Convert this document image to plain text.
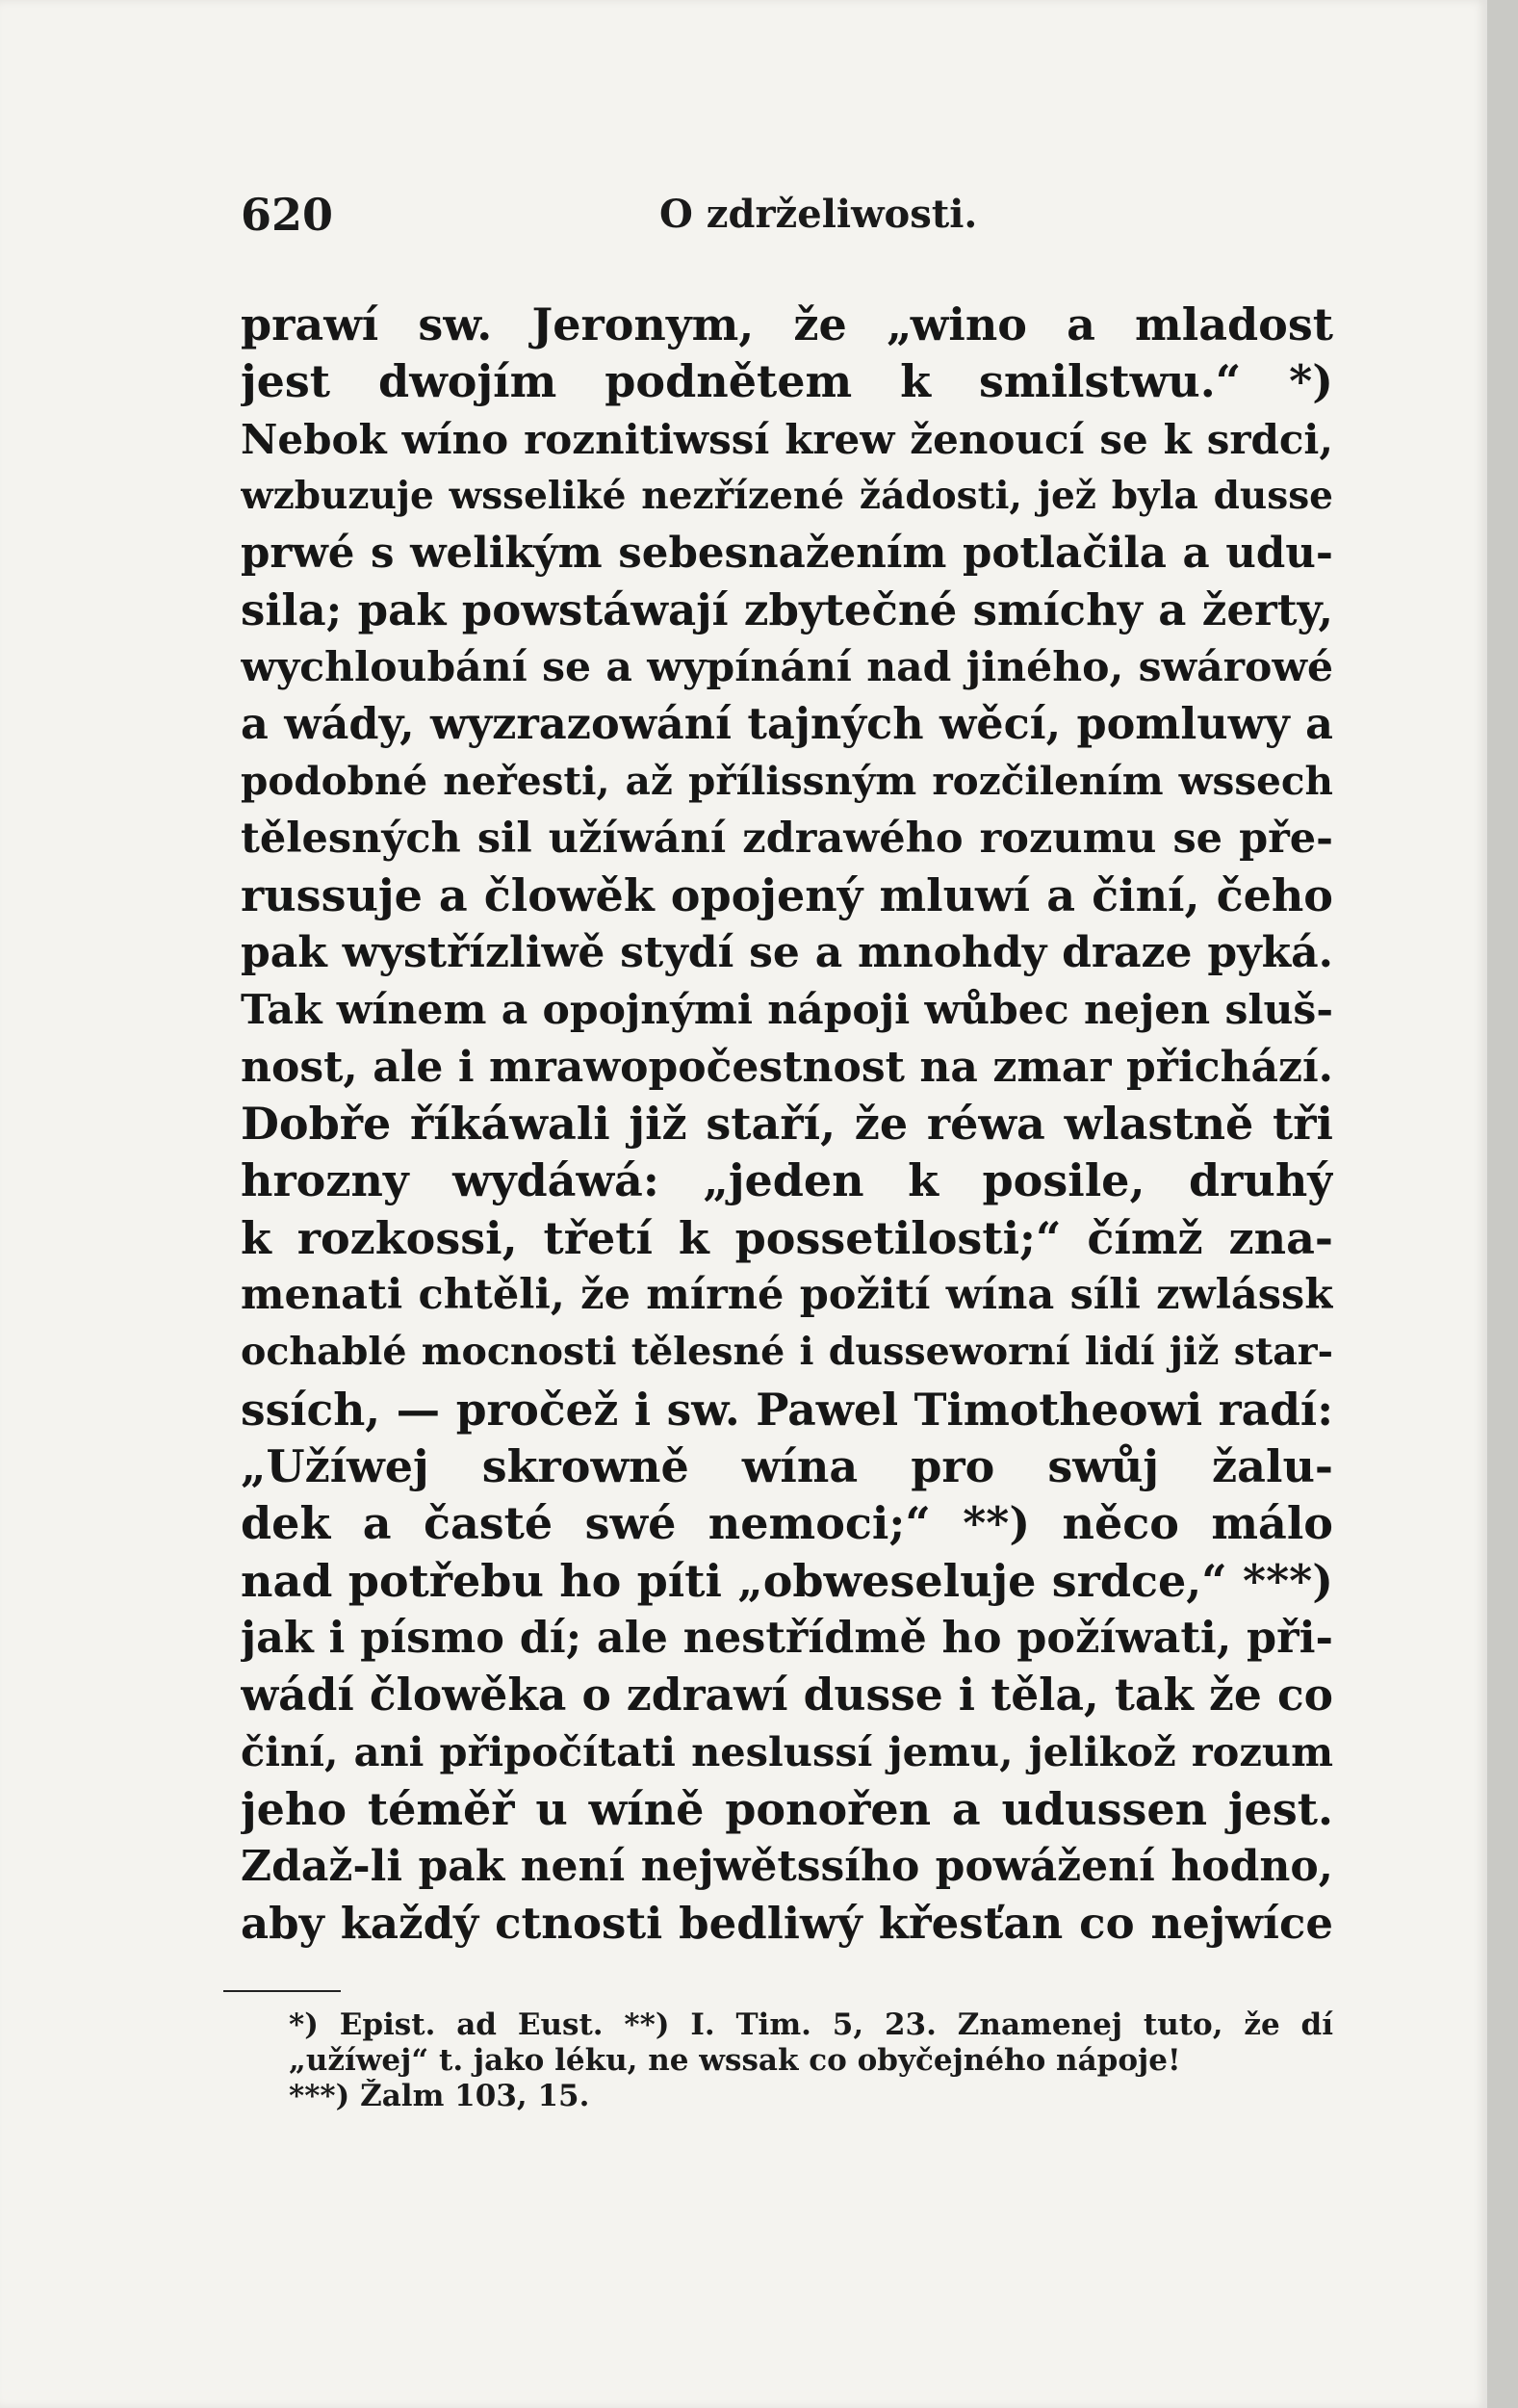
620	O zdrželiwosti.
prawí sw. Jeronym, že „wino a mladost
jest dwojím podnětem k smilstwu.“ *)
Nebok wíno roznitiwssí krew ženoucí se k srdci,
wzbuzuje wsseliké nezřízené žádosti, jež byla dusse
prwé s welikým sebesnažením potlačila a udu-
sila; pak powstáwají zbytečné smíchy a žerty,
wychloubání se a wypínání nad jiného, swárowé
a wády, wyzrazowání tajných wěcí, pomluwy a
podobné neřesti, až přílissným rozčilením wssech
tělesných sil užíwání zdrawého rozumu se pře-
russuje a člowěk opojený mluwí a činí, čeho
pak wystřízliwě stydí se a mnohdy draze pyká.
Tak wínem a opojnými nápoji wůbec nejen sluš-
nost, ale i mrawopočestnost na zmar přichází.
Dobře říkáwali již staří, že réwa wlastně tři
hrozny wydáwá: „jeden k posile, druhý
k rozkossi, třetí k possetilosti;“ čímž zna-
menati chtěli, že mírné požití wína síli zwlássk
ochablé mocnosti tělesné i dusseworní lidí již star-
ssích, — pročež i sw. Pawel Timotheowi radí:
„Užíwej skrowně wína pro swůj žalu-
dek a časté swé nemoci;“ **) něco málo
nad potřebu ho píti „obweseluje srdce,“ ***)
jak i písmo dí; ale nestřídmě ho požíwati, při-
wádí člowěka o zdrawí dusse i těla, tak že co
činí, ani připočítati neslussí jemu, jelikož rozum
jeho téměř u wíně ponořen a udussen jest.
Zdaž-li pak není nejwětssího powážení hodno,
aby každý ctnosti bedliwý křesťan co nejwíce
*) Epist. ad Eust. **) I. Tim. 5, 23. Znamenej tuto, že dí
„užíwej“ t. jako léku, ne wssak co obyčejného nápoje!
***) Žalm 103, 15.
